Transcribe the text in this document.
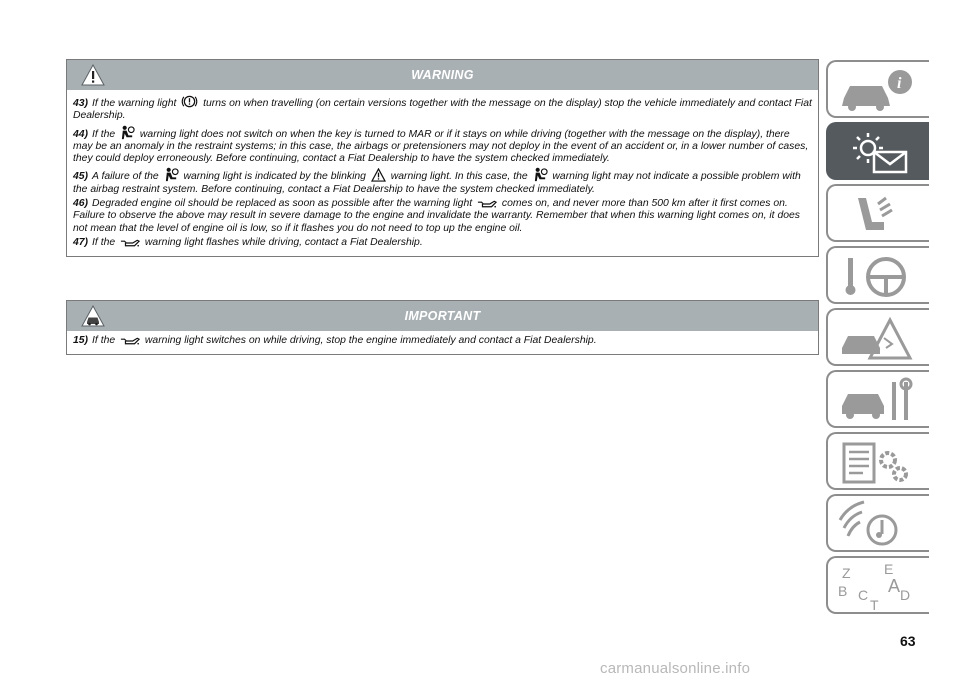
WARNING

43) If the warning light	turns on when travelling (on certain versions together with the message on the display) stop the vehicle immediately and contact Fiat Dealership.

44) If the warning light does not switch on when the key is turned to MAR or if it stays on while driving (together with the message on the display), there may be an anomaly in the restraint systems; in this case, the airbags or pretensioners may not deploy in the event of an accident or, in a lower number of cases, they could deploy erroneously. Before continuing, contact a Fiat Dealership to have the system checked immediately.

45) A failure of the warning light is indicated by the blinking warning light. In this case, the warning light may not indicate a possible problem with the airbag restraint system. Before continuing, contact a Fiat Dealership to have the system checked immediately.

46) Degraded engine oil should be replaced as soon as possible after the warning light	comes on, and never more than 500 km after it first comes on. Failure to observe the above may result in severe damage to the engine and invalidate the warranty. Remember that when this warning light comes on, it does not mean that the level of engine oil is low, so if it flashes you do not need to top up the engine oil.

47) If the	warning light flashes while driving, contact a Fiat Dealership.

IMPORTANT

15) If the	warning light switches on while driving, stop the engine immediately and contact a Fiat Dealership.

i
Z E
A
B C D
T
63
carmanualsonline.info
